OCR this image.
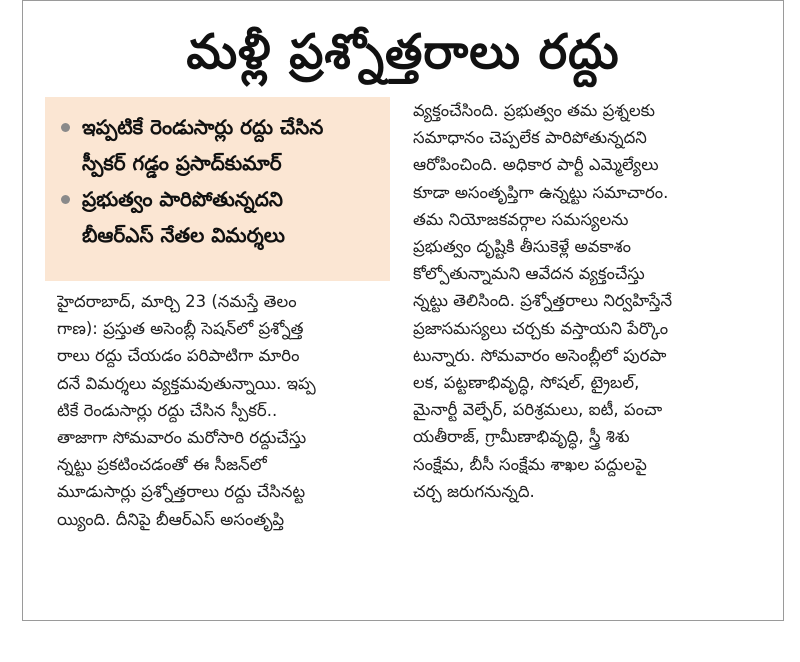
మళ్లీ ప్రశ్నోత్తరాలు రద్దు
ఇప్పటికే రెండుసార్లు రద్దు చేసిన
స్పీకర్ గడ్డం ప్రసాద్‌కుమార్
ప్రభుత్వం పారిపోతున్నదని
బీఆర్ఎస్ నేతల విమర్శలు
హైదరాబాద్, మార్చి 23 (నమస్తే తెలం
గాణ): ప్రస్తుత అసెంబ్లీ సెషన్‌లో ప్రశ్నోత్త
రాలు రద్దు చేయడం పరిపాటిగా మారిం
దనే విమర్శలు వ్యక్తమవుతున్నాయి. ఇప్ప
టికే రెండుసార్లు రద్దు చేసిన స్పీకర్..
తాజాగా సోమవారం మరోసారి రద్దుచేస్తు
న్నట్టు ప్రకటించడంతో ఈ సీజన్‌లో
మూడుసార్లు ప్రశ్నోత్తరాలు రద్దు చేసినట్ట
య్యింది. దీనిపై బీఆర్ఎస్ అసంతృప్తి
వ్యక్తంచేసింది. ప్రభుత్వం తమ ప్రశ్నలకు
సమాధానం చెప్పలేక పారిపోతున్నదని
ఆరోపించింది. అధికార పార్టీ ఎమ్మెల్యేలు
కూడా అసంతృప్తిగా ఉన్నట్టు సమాచారం.
తమ నియోజకవర్గాల సమస్యలను
ప్రభుత్వం దృష్టికి తీసుకెళ్లే అవకాశం
కోల్పోతున్నామని ఆవేదన వ్యక్తంచేస్తు
న్నట్టు తెలిసింది. ప్రశ్నోత్తరాలు నిర్వహిస్తేనే
ప్రజాసమస్యలు చర్చకు వస్తాయని పేర్కొం
టున్నారు. సోమవారం అసెంబ్లీలో పురపా
లక, పట్టణాభివృద్ధి, సోషల్, ట్రైబల్,
మైనార్టీ వెల్ఫేర్, పరిశ్రమలు, ఐటీ, పంచా
యతీరాజ్, గ్రామీణాభివృద్ధి, స్త్రీ శిశు
సంక్షేమ, బీసీ సంక్షేమ శాఖల పద్దులపై
చర్చ జరుగనున్నది.
